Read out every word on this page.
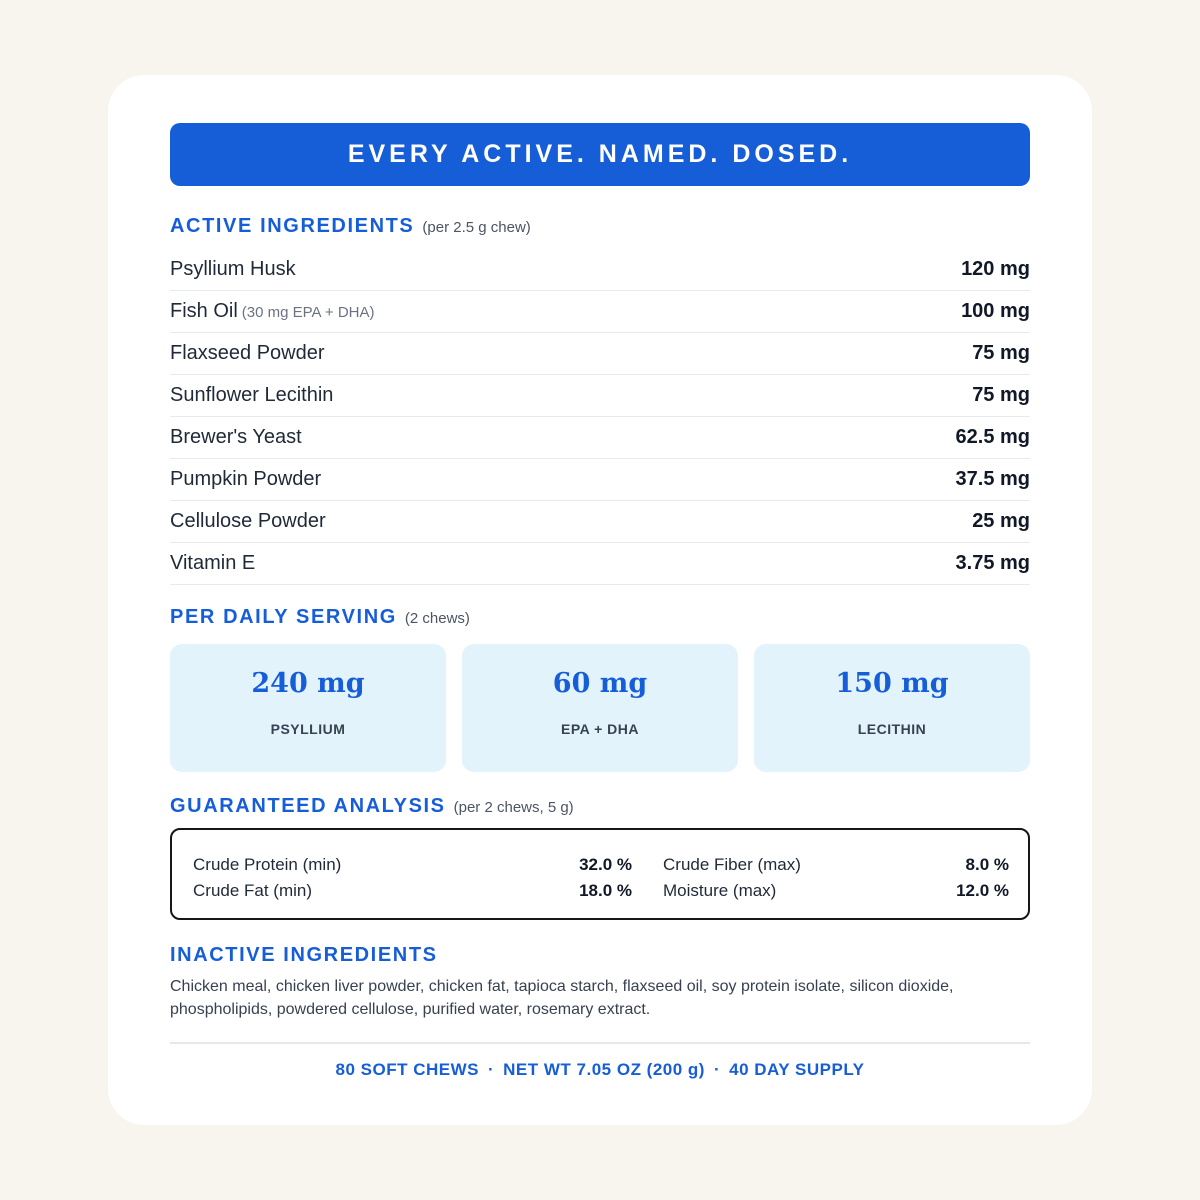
EVERY ACTIVE. NAMED. DOSED.
ACTIVE INGREDIENTS (per 2.5 g chew)
Psyllium Husk	120 mg
Fish Oil (30 mg EPA + DHA)	100 mg
Flaxseed Powder	75 mg
Sunflower Lecithin	75 mg
Brewer's Yeast	62.5 mg
Pumpkin Powder	37.5 mg
Cellulose Powder	25 mg
Vitamin E	3.75 mg
PER DAILY SERVING (2 chews)
240 mg
PSYLLIUM
60 mg
EPA + DHA
150 mg
LECITHIN
GUARANTEED ANALYSIS (per 2 chews, 5 g)
Crude Protein (min)	32.0 %	Crude Fiber (max)	8.0 %
Crude Fat (min)	18.0 %	Moisture (max)	12.0 %
INACTIVE INGREDIENTS
Chicken meal, chicken liver powder, chicken fat, tapioca starch, flaxseed oil, soy protein isolate, silicon dioxide, phospholipids, powdered cellulose, purified water, rosemary extract.
80 SOFT CHEWS · NET WT 7.05 OZ (200 g) · 40 DAY SUPPLY
